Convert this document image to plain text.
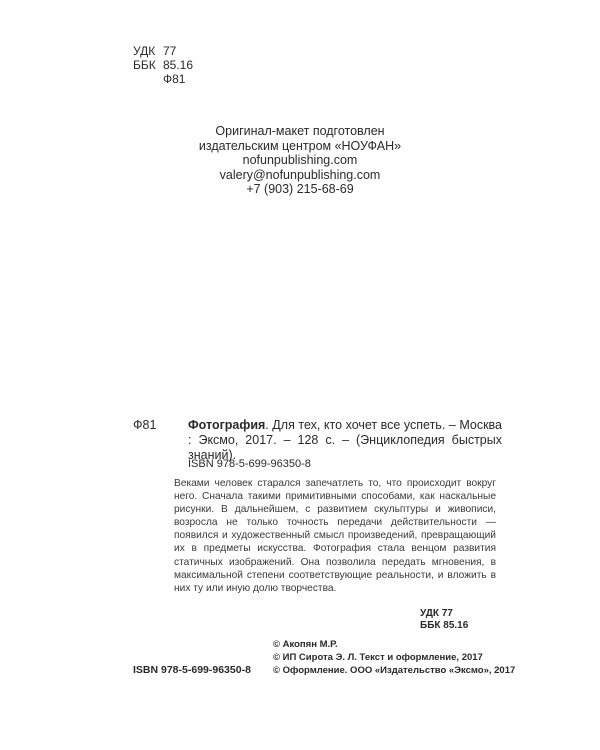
УДК 77
ББК 85.16
Ф81
Оригинал-макет подготовлен
издательским центром «НОУФАН»
nofunpublishing.com
valery@nofunpublishing.com
+7 (903) 215-68-69
Ф81	Фотография. Для тех, кто хочет все успеть. – Москва : Эксмо, 2017. – 128 с. – (Энциклопедия быстрых знаний).
ISBN 978-5-699-96350-8
Веками человек старался запечатлеть то, что происходит вокруг него. Сначала такими примитивными способами, как наскальные рисунки. В дальнейшем, с развитием скульптуры и живописи, возросла не только точность передачи действительности — появился и художественный смысл произведений, превращающий их в предметы искусства. Фотография стала венцом развития статичных изображений. Она позволила передать мгновения, в максимальной степени соответствующие реальности, и вложить в них ту или иную долю творчества.
УДК 77
ББК 85.16
© Акопян М.Р.
© ИП Сирота Э. Л. Текст и оформление, 2017
© Оформление. ООО «Издательство «Эксмо», 2017
ISBN 978-5-699-96350-8
